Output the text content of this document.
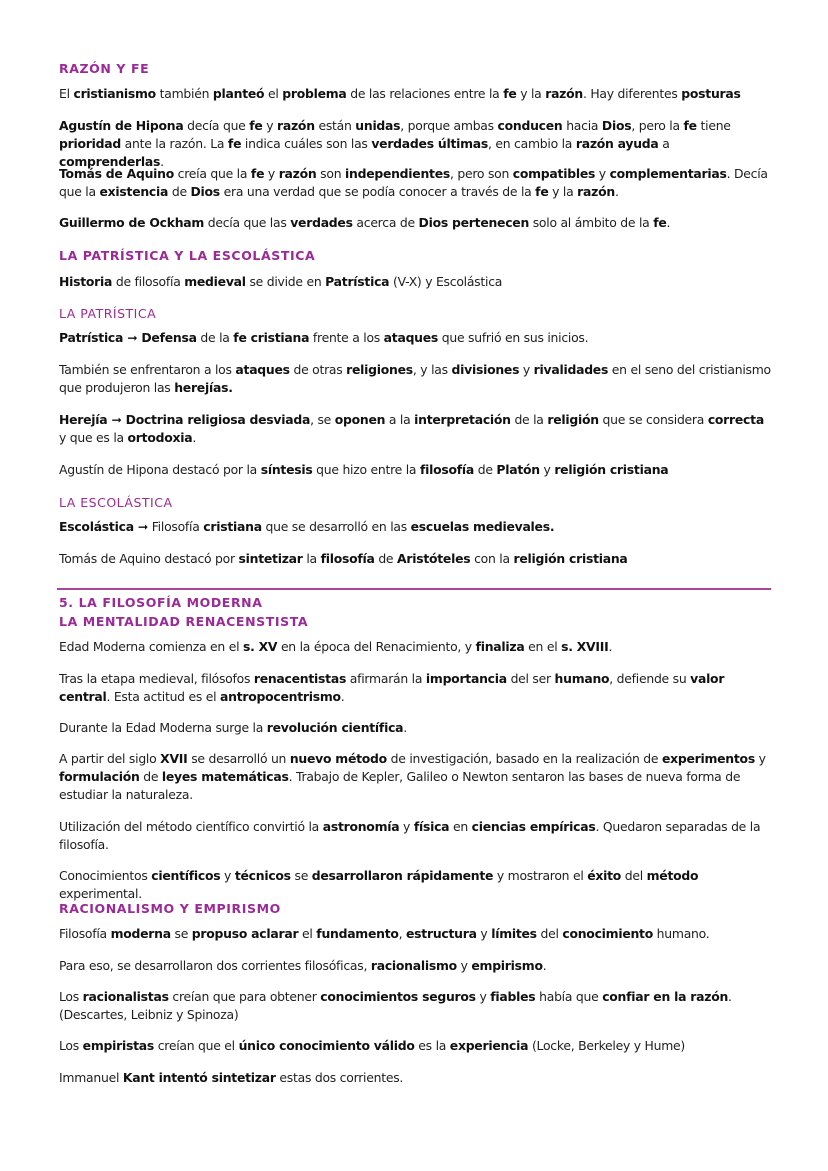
RAZÓN Y FE

El cristianismo también planteó el problema de las relaciones entre la fe y la razón. Hay diferentes posturas

Agustín de Hipona decía que fe y razón están unidas, porque ambas conducen hacia Dios, pero la fe tiene prioridad ante la razón. La fe indica cuáles son las verdades últimas, en cambio la razón ayuda a comprenderlas.

Tomás de Aquino creía que la fe y razón son independientes, pero son compatibles y complementarias. Decía que la existencia de Dios era una verdad que se podía conocer a través de la fe y la razón.

Guillermo de Ockham decía que las verdades acerca de Dios pertenecen solo al ámbito de la fe.

LA PATRÍSTICA Y LA ESCOLÁSTICA

Historia de filosofía medieval se divide en Patrística (V-X) y Escolástica

LA PATRÍSTICA

Patrística ➞ Defensa de la fe cristiana frente a los ataques que sufrió en sus inicios.

También se enfrentaron a los ataques de otras religiones, y las divisiones y rivalidades en el seno del cristianismo que produjeron las herejías.

Herejía ➞ Doctrina religiosa desviada, se oponen a la interpretación de la religión que se considera correcta y que es la ortodoxia.

Agustín de Hipona destacó por la síntesis que hizo entre la filosofía de Platón y religión cristiana

LA ESCOLÁSTICA

Escolástica ➞ Filosofía cristiana que se desarrolló en las escuelas medievales.

Tomás de Aquino destacó por sintetizar la filosofía de Aristóteles con la religión cristiana

5. LA FILOSOFÍA MODERNA
LA MENTALIDAD RENACENSTISTA

Edad Moderna comienza en el s. XV en la época del Renacimiento, y finaliza en el s. XVIII.

Tras la etapa medieval, filósofos renacentistas afirmarán la importancia del ser humano, defiende su valor central. Esta actitud es el antropocentrismo.

Durante la Edad Moderna surge la revolución científica.

A partir del siglo XVII se desarrolló un nuevo método de investigación, basado en la realización de experimentos y formulación de leyes matemáticas. Trabajo de Kepler, Galileo o Newton sentaron las bases de nueva forma de estudiar la naturaleza.

Utilización del método científico convirtió la astronomía y física en ciencias empíricas. Quedaron separadas de la filosofía.

Conocimientos científicos y técnicos se desarrollaron rápidamente y mostraron el éxito del método experimental.

RACIONALISMO Y EMPIRISMO

Filosofía moderna se propuso aclarar el fundamento, estructura y límites del conocimiento humano.

Para eso, se desarrollaron dos corrientes filosóficas, racionalismo y empirismo.

Los racionalistas creían que para obtener conocimientos seguros y fiables había que confiar en la razón. (Descartes, Leibniz y Spinoza)

Los empiristas creían que el único conocimiento válido es la experiencia (Locke, Berkeley y Hume)

Immanuel Kant intentó sintetizar estas dos corrientes.
